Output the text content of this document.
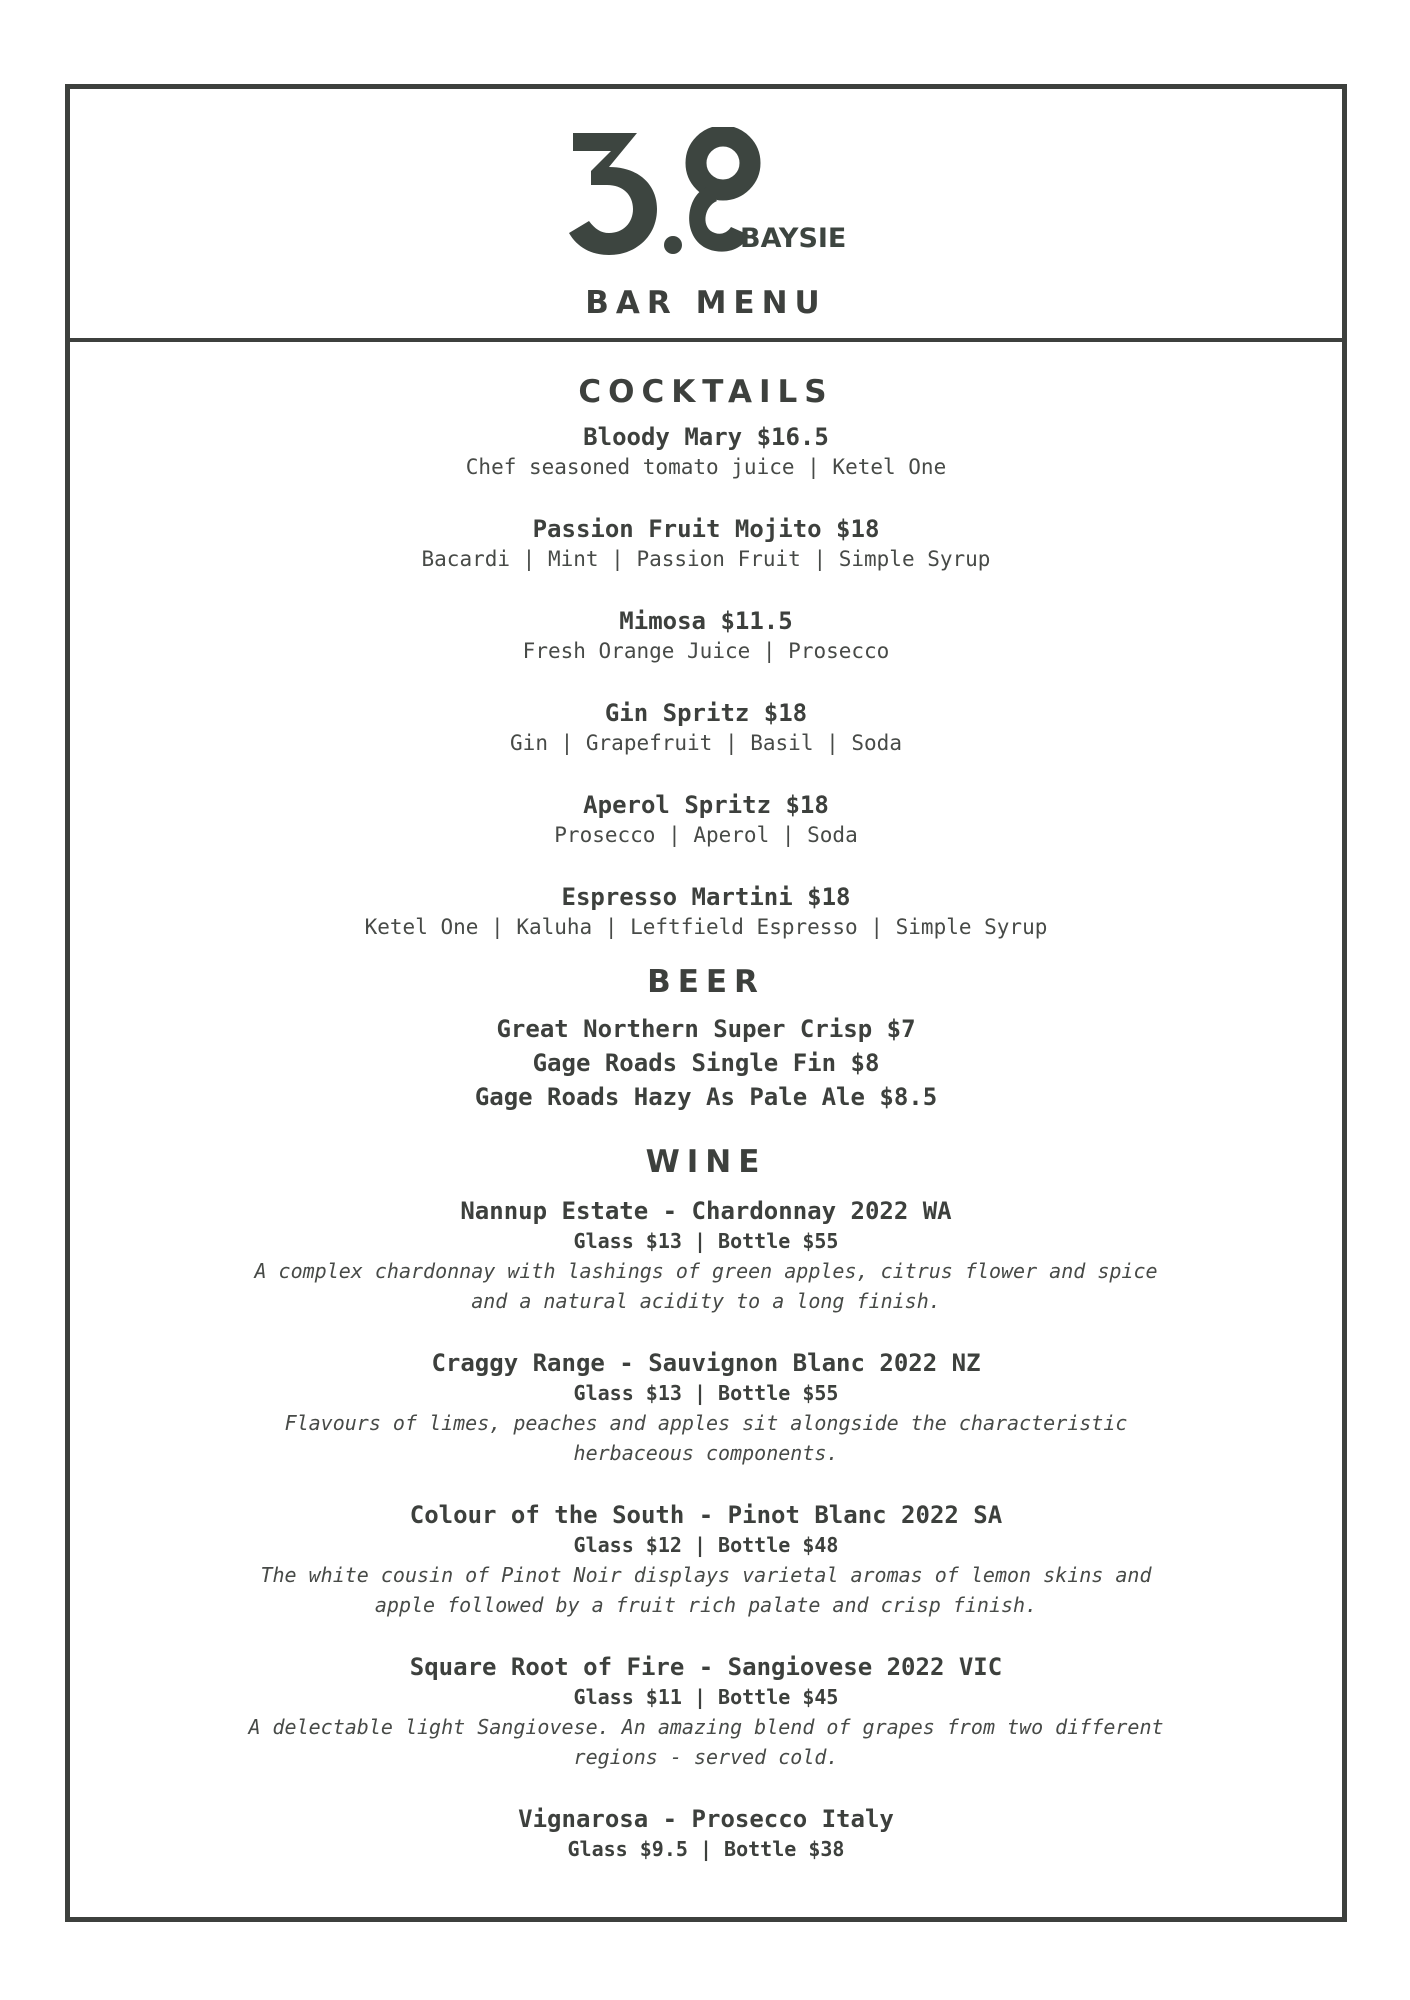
BAYSIE
BAR MENU
COCKTAILS
Bloody Mary $16.5
Chef seasoned tomato juice | Ketel One
Passion Fruit Mojito $18
Bacardi | Mint | Passion Fruit | Simple Syrup
Mimosa $11.5
Fresh Orange Juice | Prosecco
Gin Spritz $18
Gin | Grapefruit | Basil | Soda
Aperol Spritz $18
Prosecco | Aperol | Soda
Espresso Martini $18
Ketel One | Kaluha | Leftfield Espresso | Simple Syrup
BEER
Great Northern Super Crisp $7
Gage Roads Single Fin $8
Gage Roads Hazy As Pale Ale $8.5
WINE
Nannup Estate - Chardonnay 2022 WA
Glass $13 | Bottle $55
A complex chardonnay with lashings of green apples, citrus flower and spice
and a natural acidity to a long finish.
Craggy Range - Sauvignon Blanc 2022 NZ
Glass $13 | Bottle $55
Flavours of limes, peaches and apples sit alongside the characteristic
herbaceous components.
Colour of the South - Pinot Blanc 2022 SA
Glass $12 | Bottle $48
The white cousin of Pinot Noir displays varietal aromas of lemon skins and
apple followed by a fruit rich palate and crisp finish.
Square Root of Fire - Sangiovese 2022 VIC
Glass $11 | Bottle $45
A delectable light Sangiovese. An amazing blend of grapes from two different
regions - served cold.
Vignarosa - Prosecco Italy
Glass $9.5 | Bottle $38
